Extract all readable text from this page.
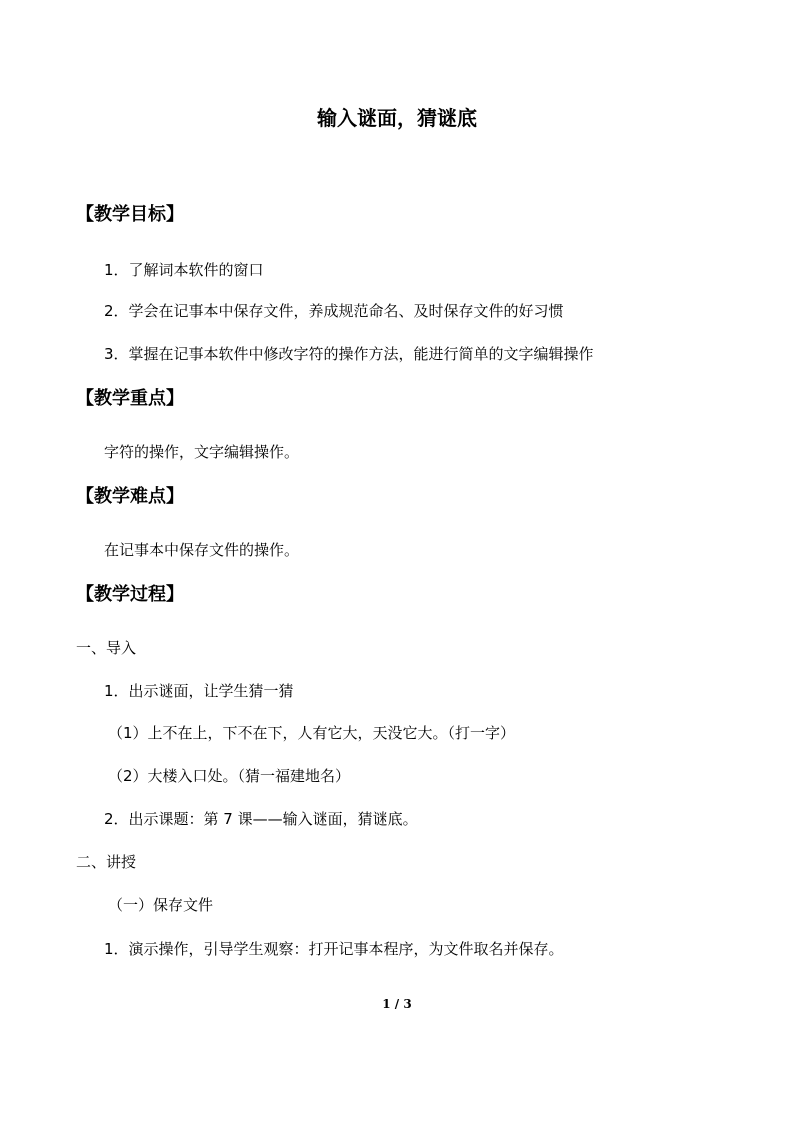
输入谜面，猜谜底
【教学目标】
1．了解词本软件的窗口
2．学会在记事本中保存文件，养成规范命名、及时保存文件的好习惯
3．掌握在记事本软件中修改字符的操作方法，能进行简单的文字编辑操作
【教学重点】
字符的操作，文字编辑操作。
【教学难点】
在记事本中保存文件的操作。
【教学过程】
一、导入
1．出示谜面，让学生猜一猜
（1）上不在上，下不在下，人有它大，天没它大。（打一字）
（2）大楼入口处。（猜一福建地名）
2．出示课题：第 7 课——输入谜面，猜谜底。
二、讲授
（一）保存文件
1．演示操作，引导学生观察：打开记事本程序，为文件取名并保存。
1 / 3
